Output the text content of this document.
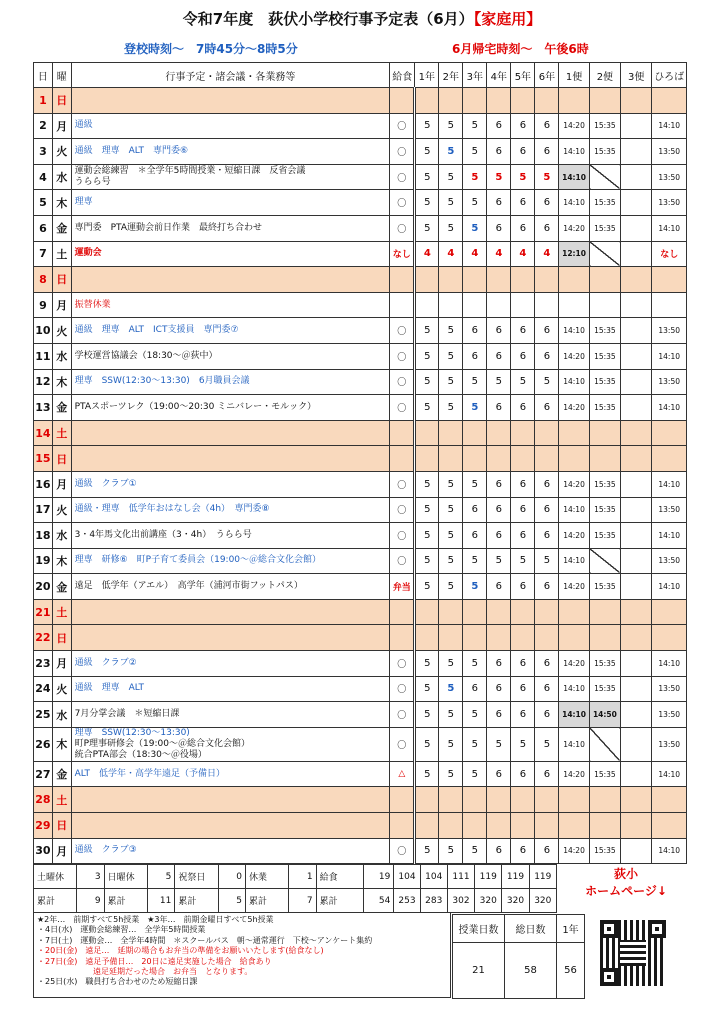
令和7年度　荻伏小学校行事予定表（6月）【家庭用】
登校時刻～　7時45分～8時5分	6月帰宅時刻～　午後6時
日	曜	行事予定・諸会議・各業務等	給食	1年	2年	3年	4年	5年	6年	1便	2便	3便	ひろば
1	日	

2	月	通級	〇	5	5	5	6	6	6	14:20	15:35		14:10
3	火	通級　理専　ALT　専門委⑥	〇	5	5	5	6	6	6	14:10	15:35		13:50
4	水	運動会総練習　＊全学年5時間授業・短縮日課　反省会議
うらら号	〇	5	5	5	5	5	5	14:10			13:50
5	木	理専	〇	5	5	5	6	6	6	14:10	15:35		13:50
6	金	専門委　PTA運動会前日作業　最終打ち合わせ	〇	5	5	5	6	6	6	14:20	15:35		14:10
7	土	運動会	なし	4	4	4	4	4	4	12:10			なし
8	日	

9	月	振替休業											

10	火	通級　理専　ALT　ICT支援員　専門委⑦	〇	5	5	6	6	6	6	14:10	15:35		13:50
11	水	学校運営協議会（18:30～＠荻中）	〇	5	5	6	6	6	6	14:20	15:35		14:10
12	木	理専　SSW(12:30～13:30)　6月職員会議	〇	5	5	5	5	5	5	14:10	15:35		13:50
13	金	PTAスポーツレク（19:00～20:30 ミニバレー・モルック）	〇	5	5	5	6	6	6	14:20	15:35		14:10
14	土	

15	日	

16	月	通級　クラブ①	〇	5	5	5	6	6	6	14:20	15:35		14:10
17	火	通級・理専　低学年おはなし会（4h）　専門委⑧	〇	5	5	6	6	6	6	14:10	15:35		13:50
18	水	3・4年馬文化出前講座（3・4h）　うらら号	〇	5	5	6	6	6	6	14:20	15:35		14:10
19	木	理専　研修⑥　町P子育て委員会（19:00～＠総合文化会館）	〇	5	5	5	5	5	5	14:10			13:50
20	金	遠足　低学年（アエル）　高学年（浦河市街フットパス）	弁当	5	5	5	6	6	6	14:20	15:35		14:10
21	土	

22	日	

23	月	通級　クラブ②	〇	5	5	5	6	6	6	14:20	15:35		14:10
24	火	通級　理専　ALT	〇	5	5	6	6	6	6	14:10	15:35		13:50
25	水	7月分掌会議　＊短縮日課	〇	5	5	5	6	6	6	14:10	14:50		13:50
26	木	理専　SSW(12:30～13:30)
町P理事研修会（19:00～＠総合文化会館）
統合PTA部会（18:30～＠役場）	〇	5	5	5	5	5	5	14:10			13:50
27	金	ALT　低学年・高学年遠足（予備日）	△	5	5	5	6	6	6	14:20	15:35		14:10
28	土	

29	日	

30	月	通級　クラブ③	〇	5	5	5	6	6	6	14:20	15:35		14:10
土曜休	3	日曜休	5	祝祭日	0	休業	1	給食	19	104	104	111	119	119	119
累計	9	累計	11	累計	5	累計	7	累計	54	253	283	302	320	320	320
荻小
ホームページ↓
★2年…　前期すべて5h授業　★3年…　前期金曜日すべて5h授業
・4日(水)　運動会総練習…　全学年5時間授業
・7日(土)　運動会…　全学年4時間　＊スクールバス　朝～通常運行　下校～アンケート集約
・20日(金)　遠足…　延期の場合もお弁当の準備をお願いいたします(給食なし)
・27日(金)　遠足予備日…　20日に遠足実施した場合　給食あり
　　　　　　　遠足延期だった場合　お弁当　となります。
・25日(水)　職員打ち合わせのため短縮日課
授業日数	総日数	1年
21	58	56
